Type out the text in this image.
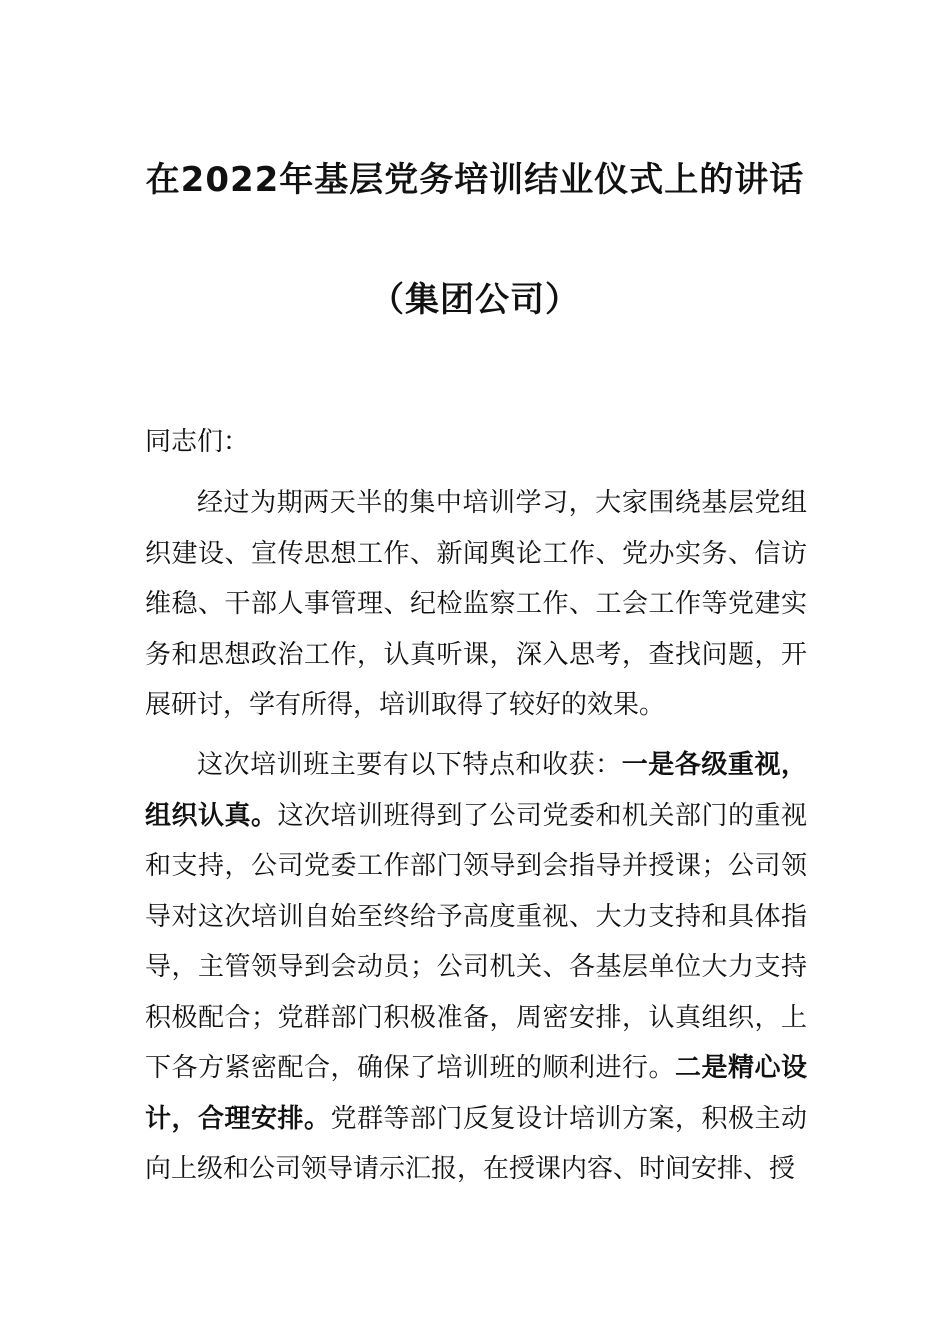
在2022年基层党务培训结业仪式上的讲话
（集团公司）

同志们：

经过为期两天半的集中培训学习，大家围绕基层党组织建设、宣传思想工作、新闻舆论工作、党办实务、信访维稳、干部人事管理、纪检监察工作、工会工作等党建实务和思想政治工作，认真听课，深入思考，查找问题，开展研讨，学有所得，培训取得了较好的效果。

这次培训班主要有以下特点和收获：一是各级重视，组织认真。这次培训班得到了公司党委和机关部门的重视和支持，公司党委工作部门领导到会指导并授课；公司领导对这次培训自始至终给予高度重视、大力支持和具体指导，主管领导到会动员；公司机关、各基层单位大力支持积极配合；党群部门积极准备，周密安排，认真组织，上下各方紧密配合，确保了培训班的顺利进行。二是精心设计，合理安排。党群等部门反复设计培训方案，积极主动向上级和公司领导请示汇报，在授课内容、时间安排、授
